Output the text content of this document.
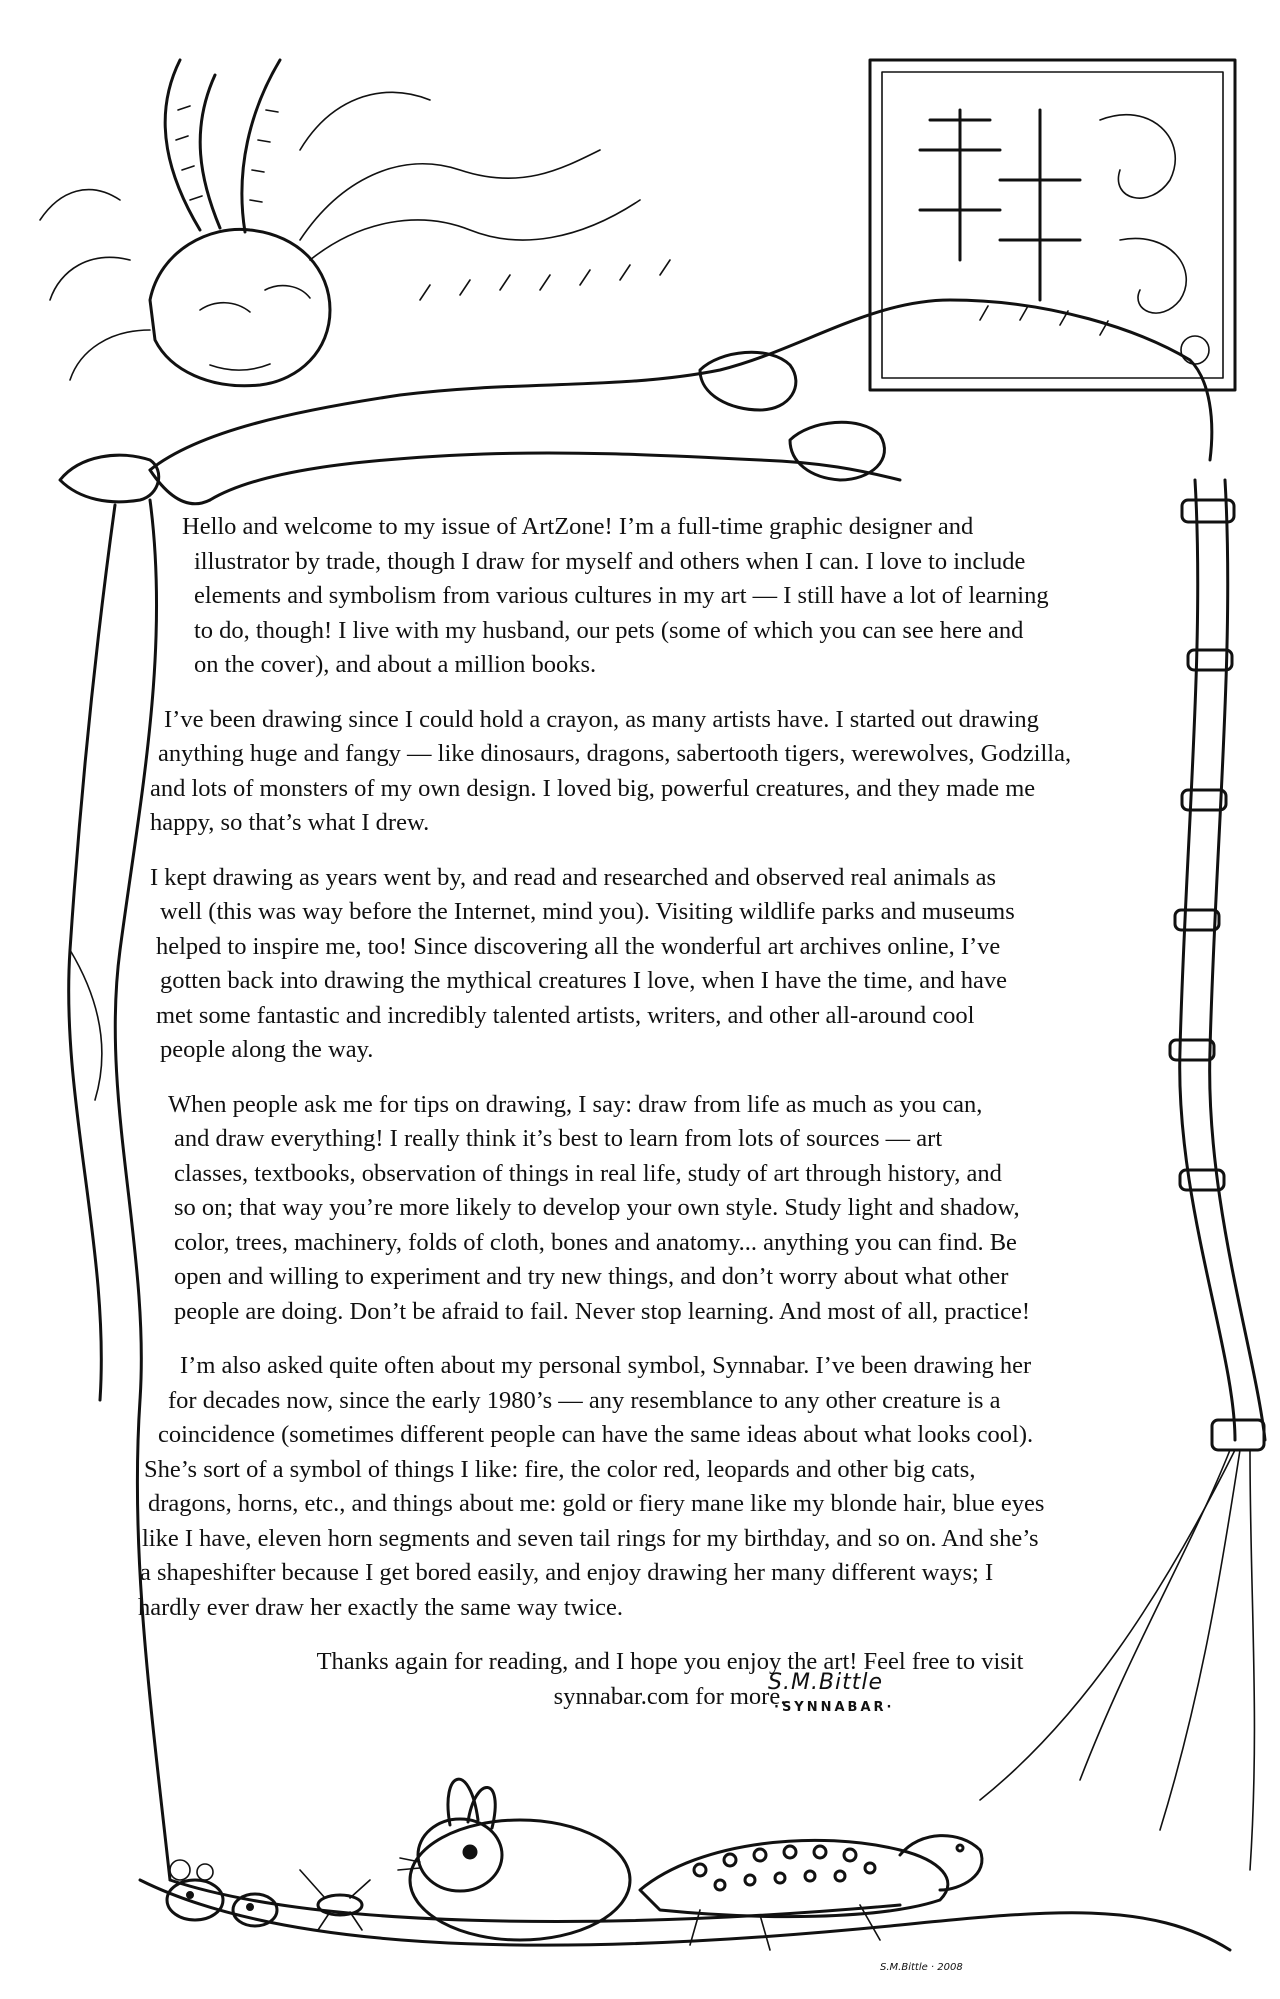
Hello and welcome to my issue of ArtZone! I’m a full-time graphic designer and
illustrator by trade, though I draw for myself and others when I can. I love to include
elements and symbolism from various cultures in my art — I still have a lot of learning
to do, though! I live with my husband, our pets (some of which you can see here and
on the cover), and about a million books.

I’ve been drawing since I could hold a crayon, as many artists have. I started out drawing
anything huge and fangy — like dinosaurs, dragons, sabertooth tigers, werewolves, Godzilla,
and lots of monsters of my own design. I loved big, powerful creatures, and they made me
happy, so that’s what I drew.

I kept drawing as years went by, and read and researched and observed real animals as
well (this was way before the Internet, mind you). Visiting wildlife parks and museums
helped to inspire me, too! Since discovering all the wonderful art archives online, I’ve
gotten back into drawing the mythical creatures I love, when I have the time, and have
met some fantastic and incredibly talented artists, writers, and other all-around cool
people along the way.

When people ask me for tips on drawing, I say: draw from life as much as you can,
and draw everything! I really think it’s best to learn from lots of sources — art
classes, textbooks, observation of things in real life, study of art through history, and
so on; that way you’re more likely to develop your own style. Study light and shadow,
color, trees, machinery, folds of cloth, bones and anatomy... anything you can find. Be
open and willing to experiment and try new things, and don’t worry about what other
people are doing. Don’t be afraid to fail. Never stop learning. And most of all, practice!

I’m also asked quite often about my personal symbol, Synnabar. I’ve been drawing her
for decades now, since the early 1980’s — any resemblance to any other creature is a
coincidence (sometimes different people can have the same ideas about what looks cool).
She’s sort of a symbol of things I like: fire, the color red, leopards and other big cats,
dragons, horns, etc., and things about me: gold or fiery mane like my blonde hair, blue eyes
like I have, eleven horn segments and seven tail rings for my birthday, and so on. And she’s
a shapeshifter because I get bored easily, and enjoy drawing her many different ways; I
hardly ever draw her exactly the same way twice.

Thanks again for reading, and I hope you enjoy the art! Feel free to visit
synnabar.com for more.

S.M.Bittle
·SYNNABAR·
S.M.Bittle · 2008
